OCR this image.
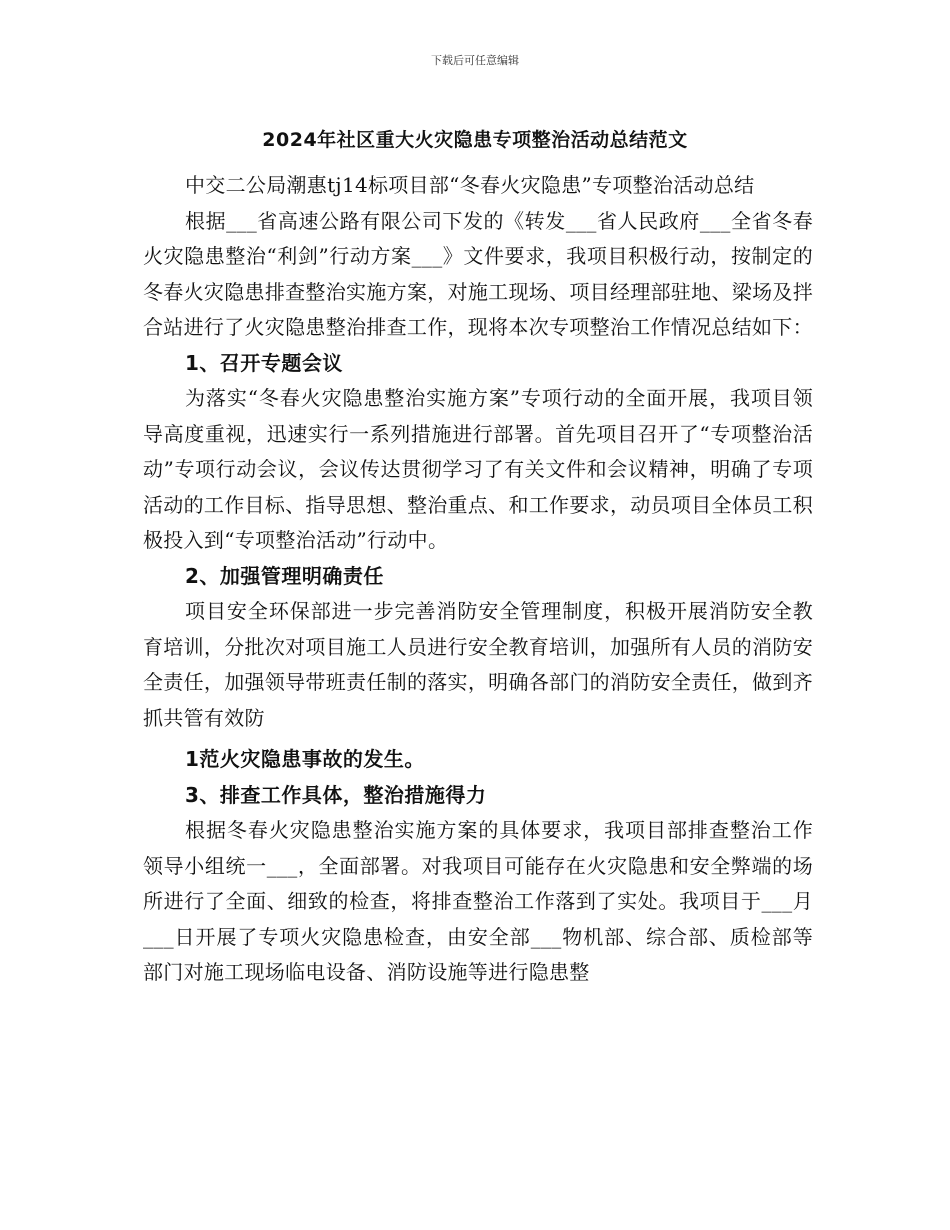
下载后可任意编辑
2024年社区重大火灾隐患专项整治活动总结范文

中交二公局潮惠tj14标项目部“冬春火灾隐患”专项整治活动总结

根据___省高速公路有限公司下发的《转发___省人民政府___全省冬春火灾隐患整治“利剑”行动方案___》文件要求，我项目积极行动，按制定的冬春火灾隐患排查整治实施方案，对施工现场、项目经理部驻地、梁场及拌合站进行了火灾隐患整治排查工作，现将本次专项整治工作情况总结如下：

1、召开专题会议

为落实“冬春火灾隐患整治实施方案”专项行动的全面开展，我项目领导高度重视，迅速实行一系列措施进行部署。首先项目召开了“专项整治活动”专项行动会议，会议传达贯彻学习了有关文件和会议精神，明确了专项活动的工作目标、指导思想、整治重点、和工作要求，动员项目全体员工积极投入到“专项整治活动”行动中。

2、加强管理明确责任

项目安全环保部进一步完善消防安全管理制度，积极开展消防安全教育培训，分批次对项目施工人员进行安全教育培训，加强所有人员的消防安全责任，加强领导带班责任制的落实，明确各部门的消防安全责任，做到齐抓共管有效防

1范火灾隐患事故的发生。

3、排查工作具体，整治措施得力

根据冬春火灾隐患整治实施方案的具体要求，我项目部排查整治工作领导小组统一___，全面部署。对我项目可能存在火灾隐患和安全弊端的场所进行了全面、细致的检查，将排查整治工作落到了实处。我项目于___月___日开展了专项火灾隐患检查，由安全部___物机部、综合部、质检部等部门对施工现场临电设备、消防设施等进行隐患整
